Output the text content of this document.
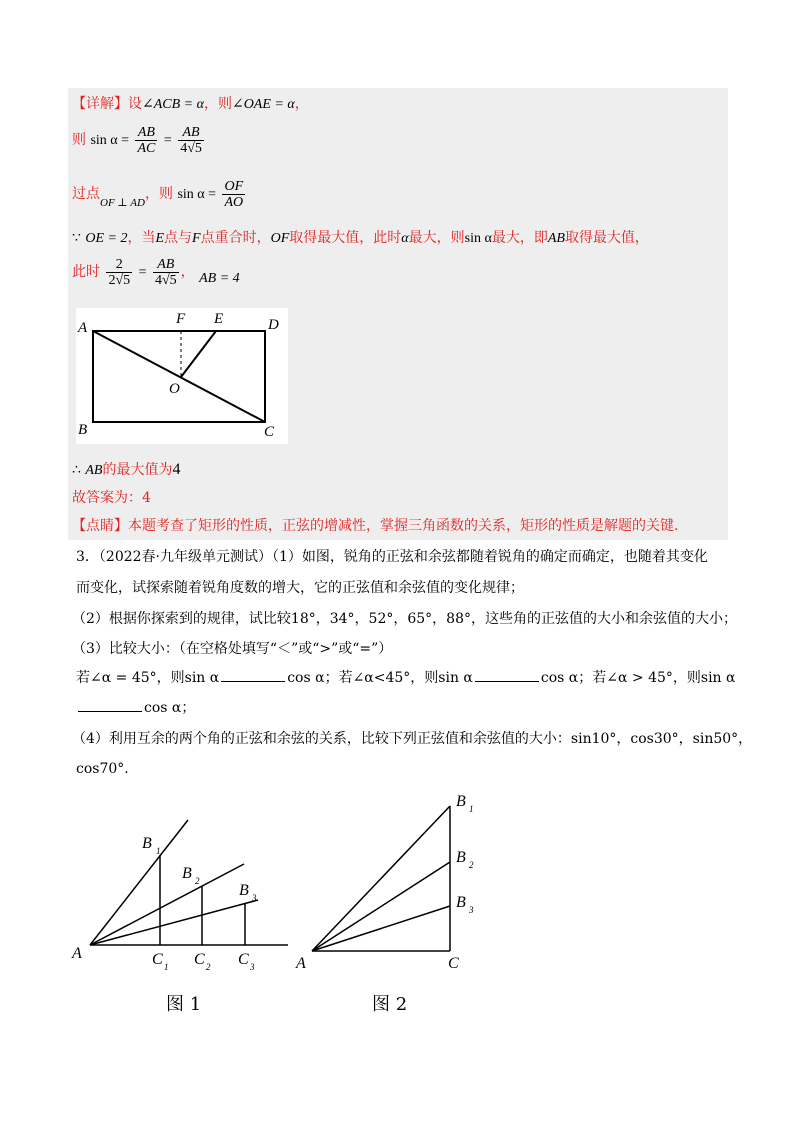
【详解】设∠ACB = α，则∠OAE = α，
则 $\sin \alpha = \frac{AB}{AC} = \frac{AB}{4√5}$
过点$_{OF \perp AD}$，则 $\sin \alpha = \frac{OF}{AO}$
∵ OE = 2，当E点与F点重合时，OF取得最大值，此时α最大，则sin α最大，即AB取得最大值，
此时 $\frac{2}{2√5} = \frac{AB}{4√5}$ ， AB = 4
A
F E	D
O
B	C
∴ AB的最大值为4
故答案为：4
【点睛】本题考查了矩形的性质，正弦的增减性，掌握三角函数的关系，矩形的性质是解题的关键.
3．（2022春·九年级单元测试）（1）如图，锐角的正弦和余弦都随着锐角的确定而确定，也随着其变化
而变化，试探索随着锐角度数的增大，它的正弦值和余弦值的变化规律；
（2）根据你探索到的规律，试比较18°，34°，52°，65°，88°，这些角的正弦值的大小和余弦值的大小；
（3）比较大小：（在空格处填写“＜”或“>”或“=”）
若∠α = 45°，则sin α	cos α；若∠α<45°，则sin α	cos α；若∠α > 45°，则sin α
cos α；
（4）利用互余的两个角的正弦和余弦的关系，比较下列正弦值和余弦值的大小：sin10°，cos30°，sin50°，
cos70°.
A
B 1
B 2
B 3
C 1 C 2 C 3
图 1
A	C
B 1
B 2
B 3
图 2
